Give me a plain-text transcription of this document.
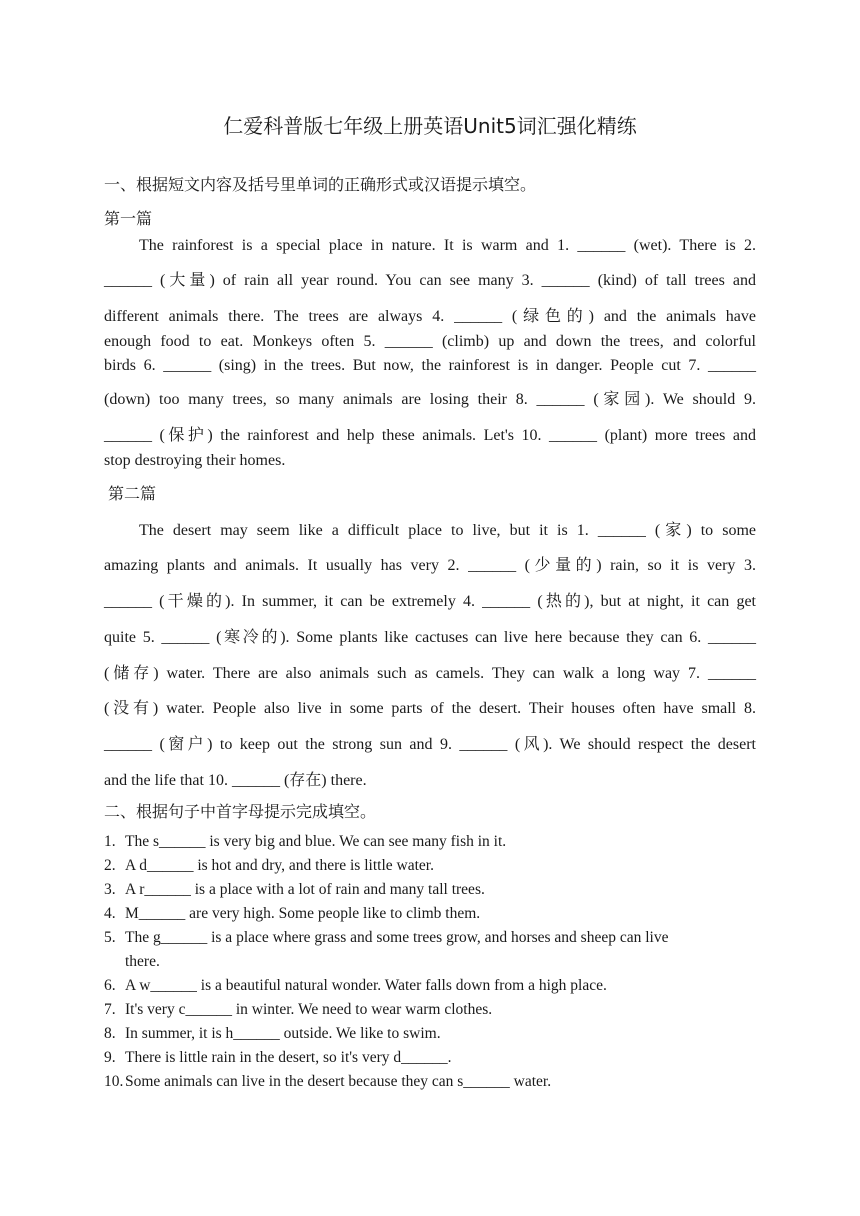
仁爱科普版七年级上册英语Unit5词汇强化精练
一、根据短文内容及括号里单词的正确形式或汉语提示填空。
第一篇
The rainforest is a special place in nature. It is warm and 1. ______ (wet). There is 2.
______ (大量) of rain all year round. You can see many 3. ______ (kind) of tall trees and
different animals there. The trees are always 4. ______ (绿色的) and the animals have
enough food to eat. Monkeys often 5. ______ (climb) up and down the trees, and colorful
birds 6. ______ (sing) in the trees. But now, the rainforest is in danger. People cut 7. ______
(down) too many trees, so many animals are losing their 8. ______ (家园). We should 9.
______ (保护) the rainforest and help these animals. Let's 10. ______ (plant) more trees and
stop destroying their homes.
第二篇
The desert may seem like a difficult place to live, but it is 1. ______ (家) to some
amazing plants and animals. It usually has very 2. ______ (少量的) rain, so it is very 3.
______ (干燥的). In summer, it can be extremely 4. ______ (热的), but at night, it can get
quite 5. ______ (寒冷的). Some plants like cactuses can live here because they can 6. ______
(储存) water. There are also animals such as camels. They can walk a long way 7. ______
(没有) water. People also live in some parts of the desert. Their houses often have small 8.
______ (窗户) to keep out the strong sun and 9. ______ (风). We should respect the desert
and the life that 10. ______ (存在) there.
二、根据句子中首字母提示完成填空。
1. The s______ is very big and blue. We can see many fish in it.
2. A d______ is hot and dry, and there is little water.
3. A r______ is a place with a lot of rain and many tall trees.
4. M______ are very high. Some people like to climb them.
5. The g______ is a place where grass and some trees grow, and horses and sheep can live
there.
6. A w______ is a beautiful natural wonder. Water falls down from a high place.
7. It's very c______ in winter. We need to wear warm clothes.
8. In summer, it is h______ outside. We like to swim.
9. There is little rain in the desert, so it's very d______.
10. Some animals can live in the desert because they can s______ water.
